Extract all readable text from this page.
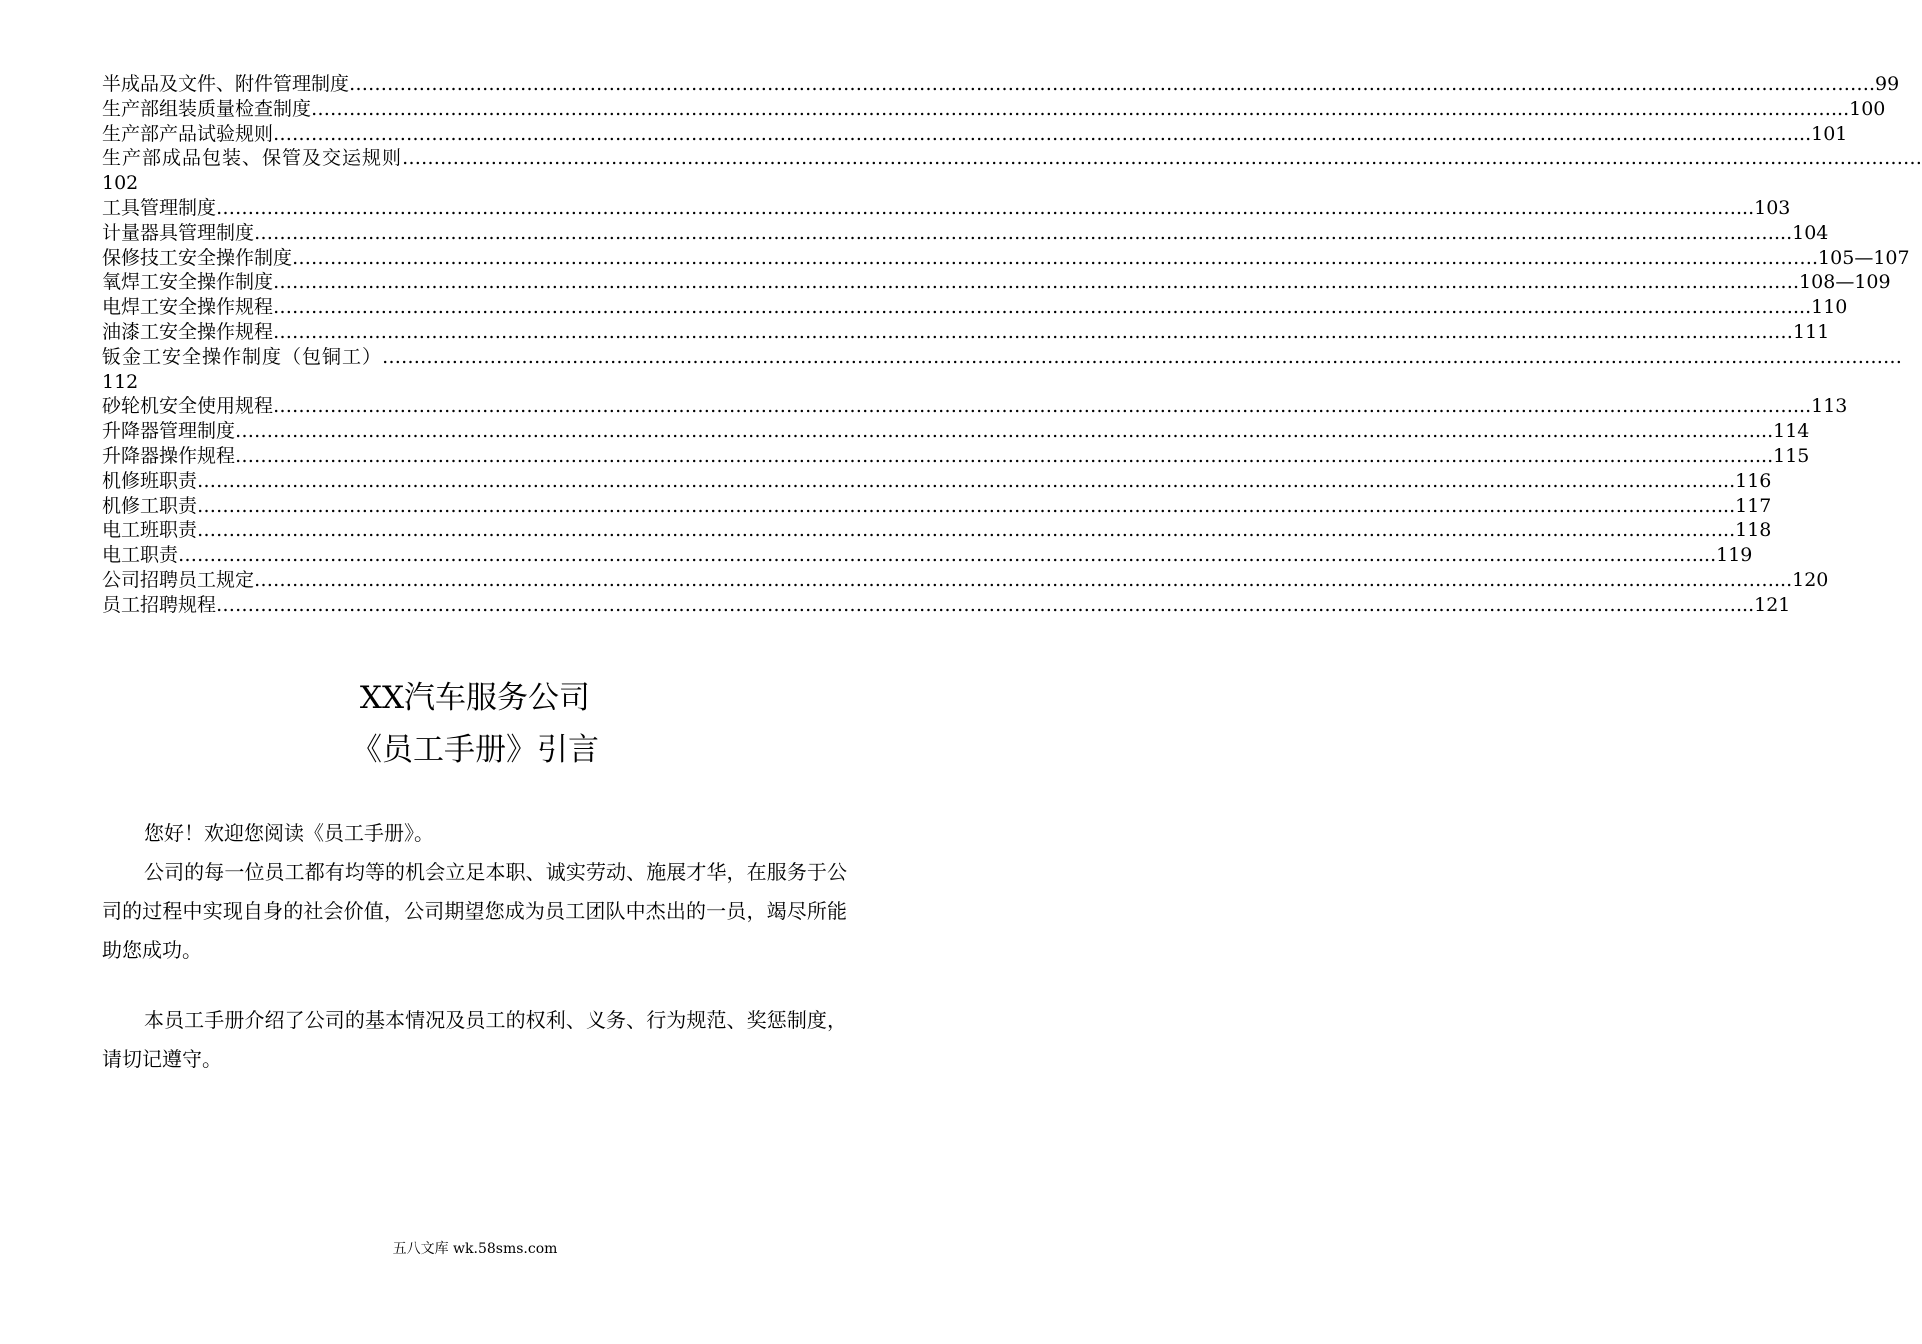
半成品及文件、附件管理制度 …………………………………………………………………………………………………………………………………………………………………………………………………………………… .99
生产部组装质量检查制度 …………………………………………………………………………………………………………………………………………………………………………………………………………………… ...100
生产部产品试验规则 …………………………………………………………………………………………………………………………………………………………………………………………………………………… ...101
生产部成品包装、保管及交运规则 ……………………………………………………………………………………………………………………………………………………………………………………………………………………
102
工具管理制度 …………………………………………………………………………………………………………………………………………………………………………………………………………………… ...103
计量器具管理制度 …………………………………………………………………………………………………………………………………………………………………………………………………………………… ...104
保修技工安全操作制度 …………………………………………………………………………………………………………………………………………………………………………………………………………………… .105—107
氧焊工安全操作制度 …………………………………………………………………………………………………………………………………………………………………………………………………………………… .108—109
电焊工安全操作规程 …………………………………………………………………………………………………………………………………………………………………………………………………………………… ...110
油漆工安全操作规程 …………………………………………………………………………………………………………………………………………………………………………………………………………………… 111
钣金工安全操作制度（包铜工） ……………………………………………………………………………………………………………………………………………………………………………………………………………………
112
砂轮机安全使用规程 …………………………………………………………………………………………………………………………………………………………………………………………………………………… ...113
升降器管理制度 …………………………………………………………………………………………………………………………………………………………………………………………………………………… ...114
升降器操作规程 …………………………………………………………………………………………………………………………………………………………………………………………………………………… ...115
机修班职责 …………………………………………………………………………………………………………………………………………………………………………………………………………………… ...116
机修工职责 …………………………………………………………………………………………………………………………………………………………………………………………………………………… ...117
电工班职责 …………………………………………………………………………………………………………………………………………………………………………………………………………………… ...118
电工职责 …………………………………………………………………………………………………………………………………………………………………………………………………………………… ...119
公司招聘员工规定 …………………………………………………………………………………………………………………………………………………………………………………………………………………… ...120
员工招聘规程 …………………………………………………………………………………………………………………………………………………………………………………………………………………… ...121
XX汽车服务公司
《员工手册》引言
您好！欢迎您阅读《员工手册》。
公司的每一位员工都有均等的机会立足本职、诚实劳动、施展才华，在服务于公司的过程中实现自身的社会价值，公司期望您成为员工团队中杰出的一员，竭尽所能助您成功。
本员工手册介绍了公司的基本情况及员工的权利、义务、行为规范、奖惩制度，请切记遵守。
五八文库 wk.58sms.com
